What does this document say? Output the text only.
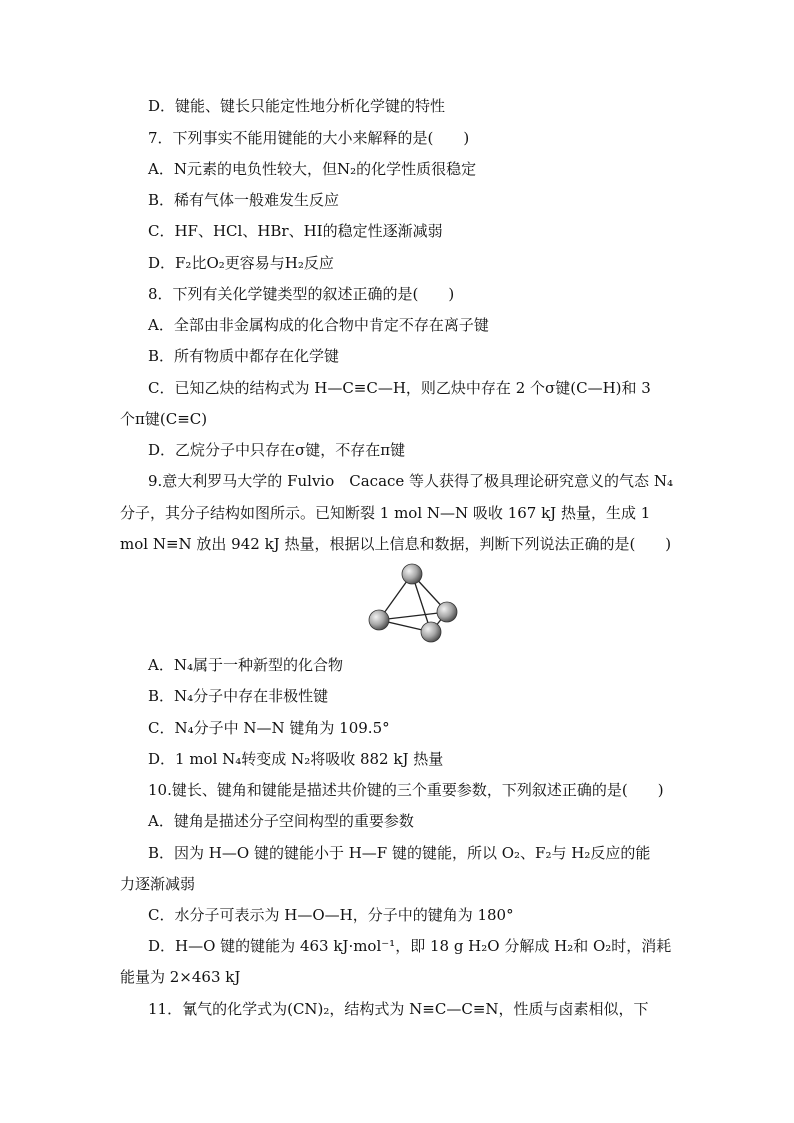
D．键能、键长只能定性地分析化学键的特性
7．下列事实不能用键能的大小来解释的是(　　)
A．N元素的电负性较大，但N₂的化学性质很稳定
B．稀有气体一般难发生反应
C．HF、HCl、HBr、HI的稳定性逐渐减弱
D．F₂比O₂更容易与H₂反应
8．下列有关化学键类型的叙述正确的是(　　)
A．全部由非金属构成的化合物中肯定不存在离子键
B．所有物质中都存在化学键
C．已知乙炔的结构式为 H—C≡C—H，则乙炔中存在 2 个σ键(C—H)和 3
个π键(C≡C)
D．乙烷分子中只存在σ键，不存在π键
9.意大利罗马大学的 Fulvio　Cacace 等人获得了极具理论研究意义的气态 N₄
分子，其分子结构如图所示。已知断裂 1 mol N—N 吸收 167 kJ 热量，生成 1
mol N≡N 放出 942 kJ 热量，根据以上信息和数据，判断下列说法正确的是(　　)
A．N₄属于一种新型的化合物
B．N₄分子中存在非极性键
C．N₄分子中 N—N 键角为 109.5°
D．1 mol N₄转变成 N₂将吸收 882 kJ 热量
10.键长、键角和键能是描述共价键的三个重要参数，下列叙述正确的是(　　)
A．键角是描述分子空间构型的重要参数
B．因为 H—O 键的键能小于 H—F 键的键能，所以 O₂、F₂与 H₂反应的能
力逐渐减弱
C．水分子可表示为 H—O—H，分子中的键角为 180°
D．H—O 键的键能为 463 kJ·mol⁻¹，即 18 g H₂O 分解成 H₂和 O₂时，消耗
能量为 2×463 kJ
11．氰气的化学式为(CN)₂，结构式为 N≡C—C≡N，性质与卤素相似，下
